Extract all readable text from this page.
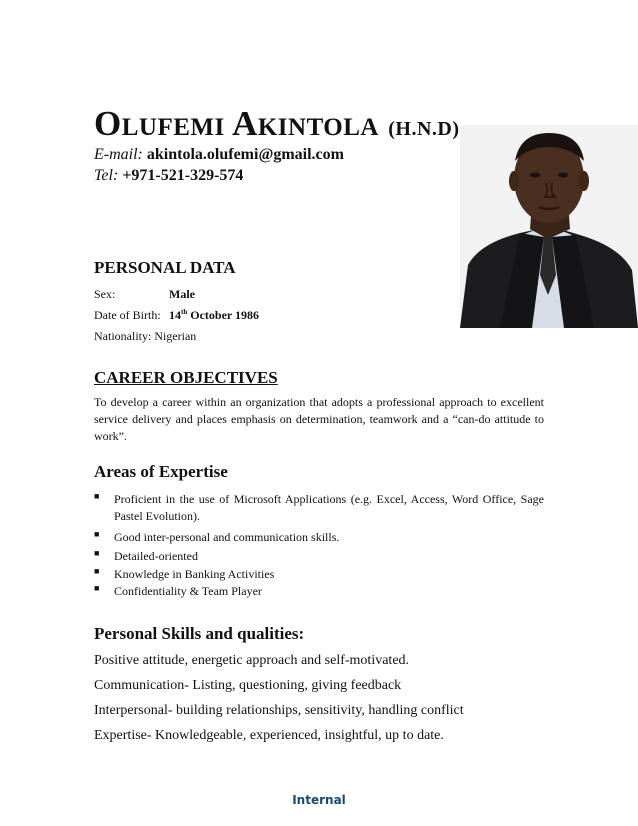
OLUFEMI AKINTOLA (H.N.D)
E-mail: akintola.olufemi@gmail.com
Tel: +971-521-329-574
PERSONAL DATA
Sex:	Male
Date of Birth: 14th October 1986
Nationality: Nigerian
CAREER OBJECTIVES
To develop a career within an organization that adopts a professional approach to excellent service delivery and places emphasis on determination, teamwork and a “can-do attitude to work”.
Areas of Expertise
■ Proficient in the use of Microsoft Applications (e.g. Excel, Access, Word Office, Sage Pastel Evolution).
■ Good inter-personal and communication skills.
■ Detailed-oriented
■ Knowledge in Banking Activities
■ Confidentiality & Team Player
Personal Skills and qualities:
Positive attitude, energetic approach and self-motivated.
Communication- Listing, questioning, giving feedback
Interpersonal- building relationships, sensitivity, handling conflict
Expertise- Knowledgeable, experienced, insightful, up to date.
Internal
